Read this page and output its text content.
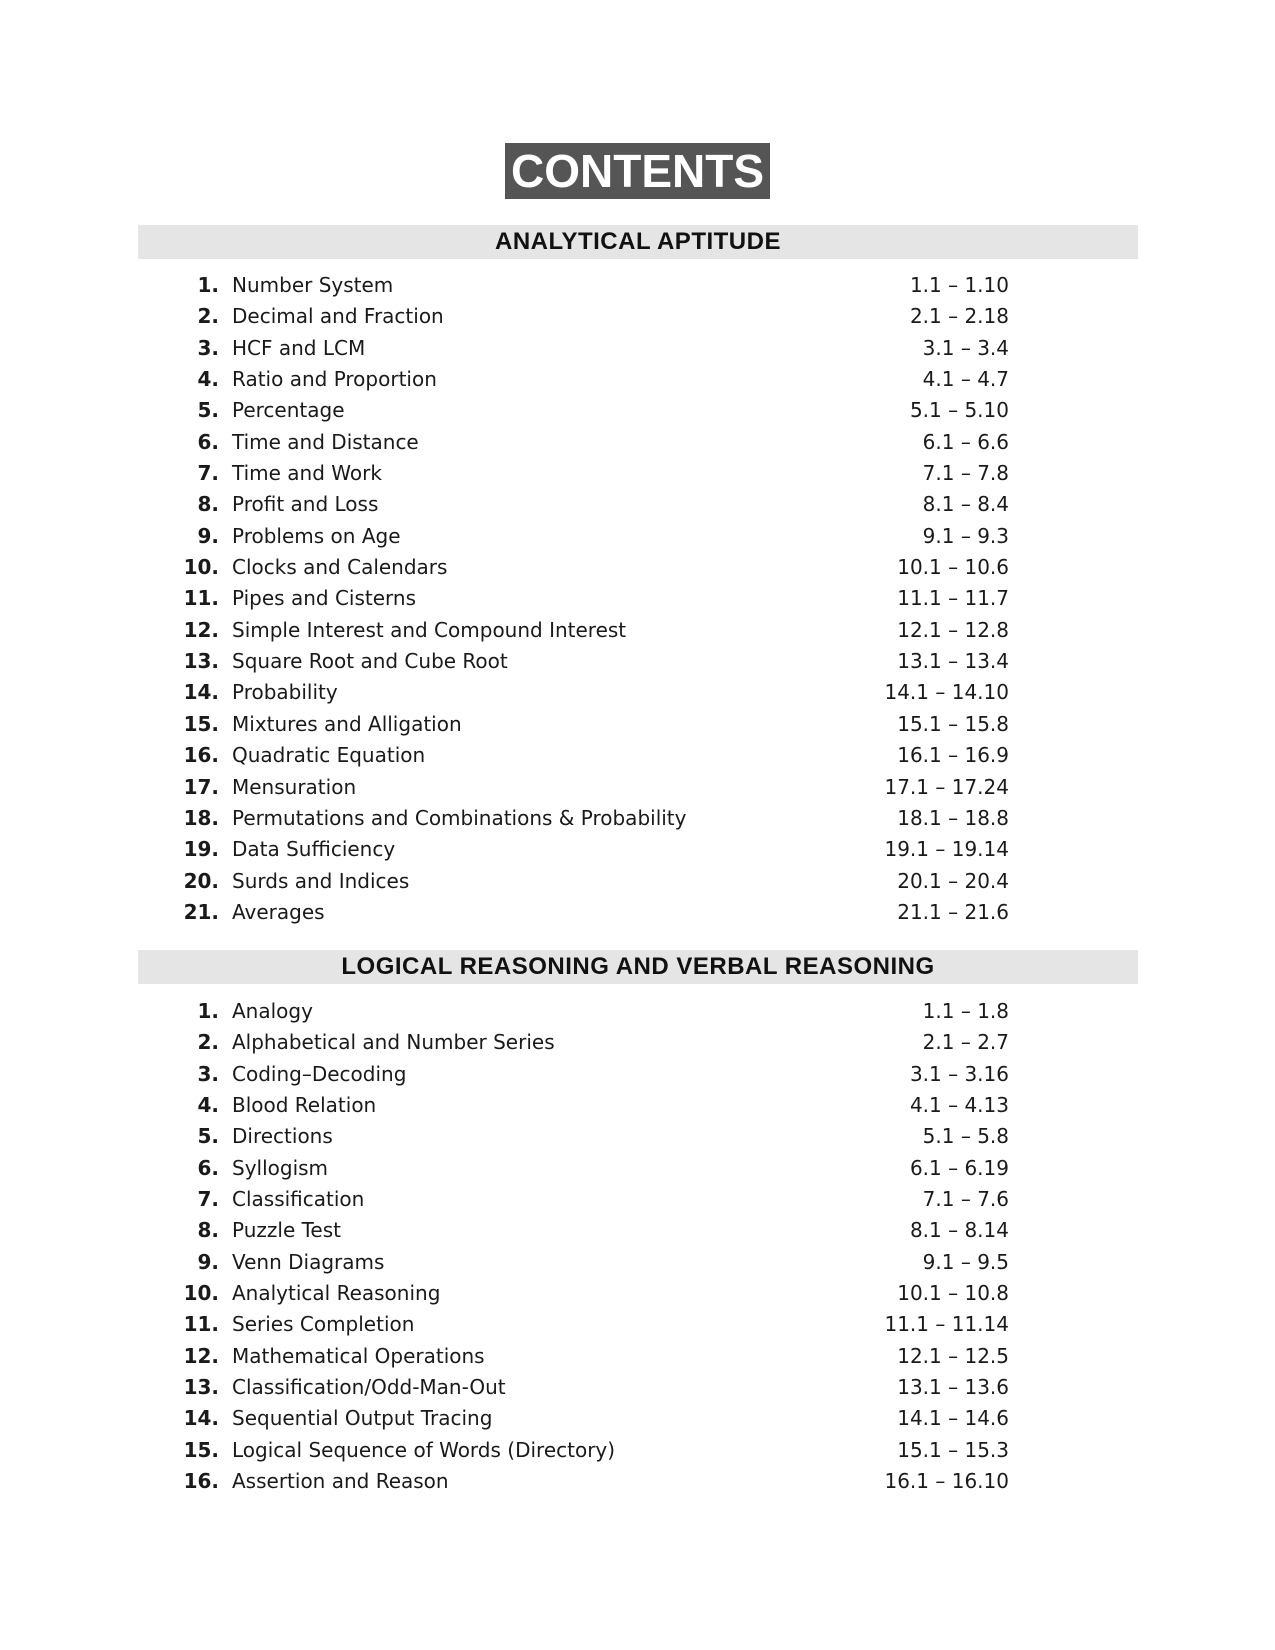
CONTENTS
ANALYTICAL APTITUDE
1. Number System	1.1 – 1.10
2. Decimal and Fraction	2.1 – 2.18
3. HCF and LCM	3.1 – 3.4
4. Ratio and Proportion	4.1 – 4.7
5. Percentage	5.1 – 5.10
6. Time and Distance	6.1 – 6.6
7. Time and Work	7.1 – 7.8
8. Profit and Loss	8.1 – 8.4
9. Problems on Age	9.1 – 9.3
10. Clocks and Calendars	10.1 – 10.6
11. Pipes and Cisterns	11.1 – 11.7
12. Simple Interest and Compound Interest	12.1 – 12.8
13. Square Root and Cube Root	13.1 – 13.4
14. Probability	14.1 – 14.10
15. Mixtures and Alligation	15.1 – 15.8
16. Quadratic Equation	16.1 – 16.9
17. Mensuration	17.1 – 17.24
18. Permutations and Combinations & Probability	18.1 – 18.8
19. Data Sufficiency	19.1 – 19.14
20. Surds and Indices	20.1 – 20.4
21. Averages	21.1 – 21.6
LOGICAL REASONING AND VERBAL REASONING
1. Analogy	1.1 – 1.8
2. Alphabetical and Number Series	2.1 – 2.7
3. Coding–Decoding	3.1 – 3.16
4. Blood Relation	4.1 – 4.13
5. Directions	5.1 – 5.8
6. Syllogism	6.1 – 6.19
7. Classification	7.1 – 7.6
8. Puzzle Test	8.1 – 8.14
9. Venn Diagrams	9.1 – 9.5
10. Analytical Reasoning	10.1 – 10.8
11. Series Completion	11.1 – 11.14
12. Mathematical Operations	12.1 – 12.5
13. Classification/Odd-Man-Out	13.1 – 13.6
14. Sequential Output Tracing	14.1 – 14.6
15. Logical Sequence of Words (Directory)	15.1 – 15.3
16. Assertion and Reason	16.1 – 16.10
